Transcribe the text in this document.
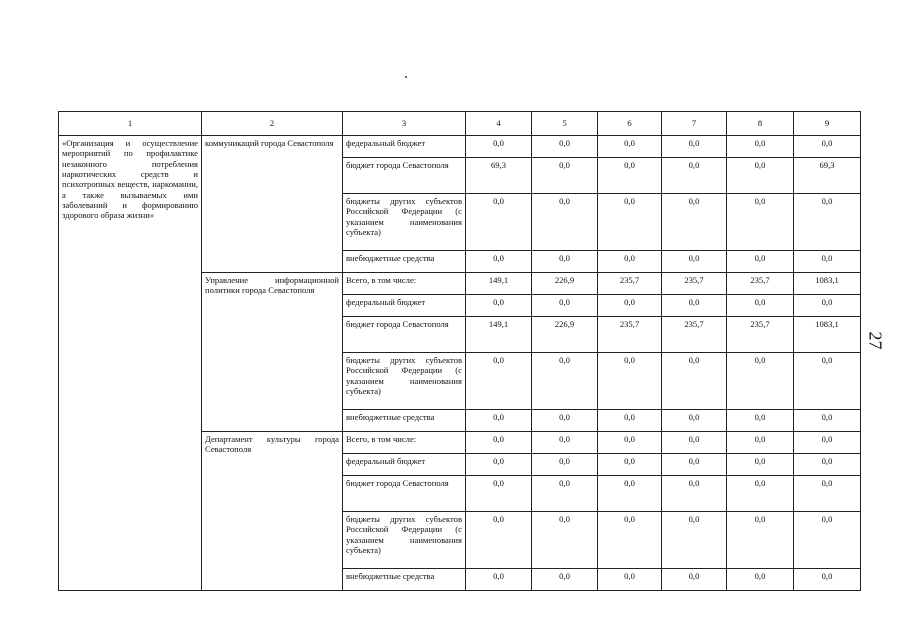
27
1	2	3	4	5	6	7	8	9
«Организация и осуществление мероприятий по профилактике незаконного потребления наркотических средств и психотропных веществ, наркомании, а также вызываемых ими заболеваний и формированию здорового образа жизни»	коммуникаций города Севастополя	федеральный бюджет	0,0	0,0	0,0	0,0	0,0	0,0
		бюджет города Севастополя	69,3	0,0	0,0	0,0	0,0	69,3
		бюджеты других субъектов Российской Федерации (с указанием наименования субъекта)	0,0	0,0	0,0	0,0	0,0	0,0
		внебюджетные средства	0,0	0,0	0,0	0,0	0,0	0,0
	Управление информационной политики города Севастополя	Всего, в том числе:	149,1	226,9	235,7	235,7	235,7	1083,1
		федеральный бюджет	0,0	0,0	0,0	0,0	0,0	0,0
		бюджет города Севастополя	149,1	226,9	235,7	235,7	235,7	1083,1
		бюджеты других субъектов Российской Федерации (с указанием наименования субъекта)	0,0	0,0	0,0	0,0	0,0	0,0
		внебюджетные средства	0,0	0,0	0,0	0,0	0,0	0,0
	Департамент культуры города Севастополя	Всего, в том числе:	0,0	0,0	0,0	0,0	0,0	0,0
		федеральный бюджет	0,0	0,0	0,0	0,0	0,0	0,0
		бюджет города Севастополя	0,0	0,0	0,0	0,0	0,0	0,0
		бюджеты других субъектов Российской Федерации (с указанием наименования субъекта)	0,0	0,0	0,0	0,0	0,0	0,0
		внебюджетные средства	0,0	0,0	0,0	0,0	0,0	0,0
